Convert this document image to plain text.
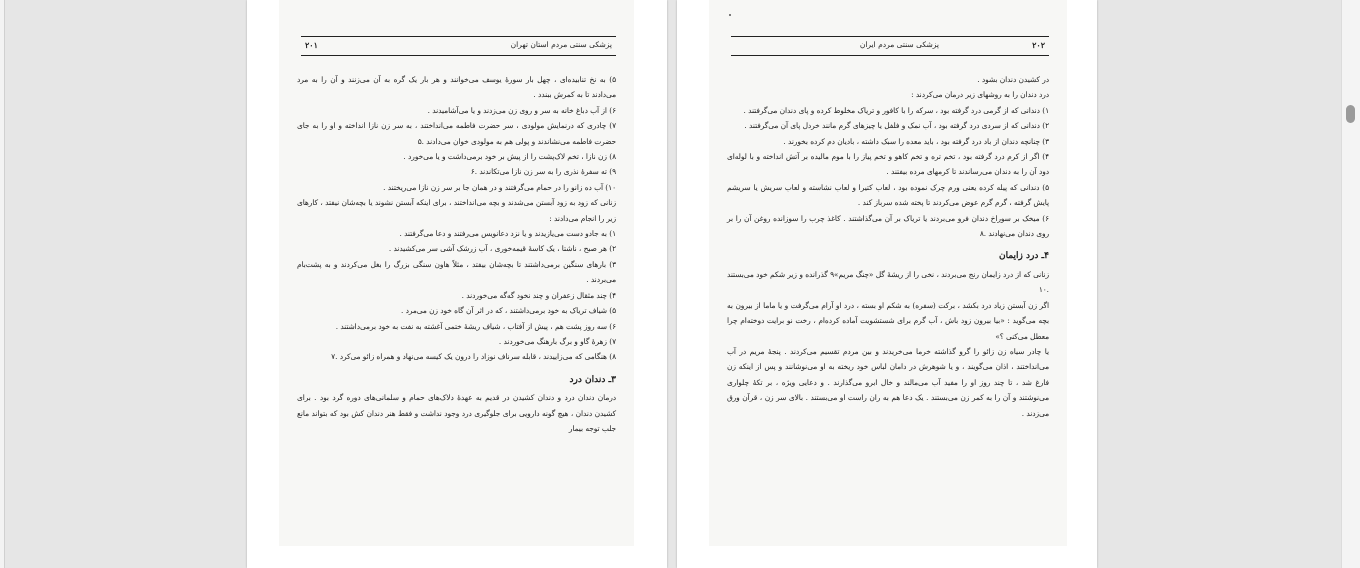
۲۰۱	پزشکی سنتی مردم استان تهران

۵) به نخ تنابیده‌ای ، چهل بار سورهٔ یوسف می‌خوانند و هر بار یک گره به آن می‌زنند و آن را به مرد می‌دادند تا به کمرش ببندد .

۶) از آب دباغ خانه به سر و روی زن می‌زدند و یا می‌آشامیدند .

۷) چادری که درنمایش مولودی ، سر حضرت فاطمه می‌انداختند ، به سر زن نازا انداخته و او را به جای حضرت فاطمه می‌نشاندند و پولی هم به مولودی خوان می‌دادند .۵

۸) زن نازا ، تخم لاک‌پشت را از پیش بر خود برمی‌داشت و یا می‌خورد .

۹) ته سفرهٔ نذری را به سر زن نازا می‌تکاندند .۶

۱۰) آب ده زانو را در حمام می‌گرفتند و در همان جا بر سر زن نازا می‌ریختند .

زنانی که زود به زود آبستن می‌شدند و بچه می‌انداختند ، برای اینکه آبستن نشوند یا بچه‌شان نیفتد ، کارهای زیر را انجام می‌دادند :

۱) به جادو دست می‌یازیدند و یا نزد دعانویس می‌رفتند و دعا می‌گرفتند .

۲) هر صبح ، ناشتا ، یک کاسهٔ قیمه‌خوری ، آب زرشک آشی سر می‌کشیدند .

۳) بارهای سنگین برمی‌داشتند تا بچه‌شان بیفتد ، مثلاً هاون سنگی بزرگ را بغل می‌کردند و به پشت‌بام می‌بردند .

۴) چند مثقال زعفران و چند نخود گه‌گه می‌خوردند .

۵) شیاف تریاک به خود برمی‌داشتند ، که در اثر آن گاه خود زن می‌مرد .

۶) سه روز پشت هم ، پیش از آفتاب ، شیاف ریشهٔ ختمی آغشته به نفت به خود برمی‌داشتند .

۷) زهرهٔ گاو و برگ بارهنگ می‌خوردند .

۸) هنگامی که می‌زاییدند ، قابله سرناف نوزاد را درون یک کیسه می‌نهاد و همراه زائو می‌کرد .۷

۳ـ دندان درد

درمان دندان درد و دندان کشیدن در قدیم به عهدهٔ دلاک‌های حمام و سلمانی‌های دوره گرد بود . برای کشیدن دندان ، هیچ گونه دارویی برای جلوگیری درد وجود نداشت و فقط هنر دندان کش بود که بتواند مانع جلب توجه بیمار

۲۰۲
پزشکی سنتی مردم ایران

در کشیدن دندان بشود .

درد دندان را به روشهای زیر درمان می‌کردند :

۱) دندانی که از گرمی درد گرفته بود ، سرکه را با کافور و تریاک مخلوط کرده و پای دندان می‌گرفتند .

۲) دندانی که از سردی درد گرفته بود ، آب نمک و فلفل یا چیزهای گرم مانند خردل پای آن می‌گرفتند .

۳) چنانچه دندان از باد درد گرفته بود ، باید معده را سبک داشته ، بادیان دم کرده بخورند .

۴) اگر از کرم درد گرفته بود ، تخم تره و تخم کاهو و تخم پیاز را با موم مالیده بر آتش انداخته و با لوله‌ای دود آن را به دندان می‌رساندند تا کرمهای مرده بیفتند .

۵) دندانی که پیله کرده یعنی ورم چرک نموده بود ، لعاب کتیرا و لعاب نشاسته و لعاب سریش یا سریشم پایش گرفته ، گرم گرم عوض می‌کردند تا پخته شده سرباز کند .

۶) میخک بر سوراخ دندان فرو می‌بردند یا تریاک بر آن می‌گذاشتند . کاغذ چرب را سوزانده روغن آن را بر روی دندان می‌نهادند .۸

۴ـ درد زایمان

زنانی که از درد زایمان رنج می‌بردند ، نخی را از ریشهٔ گل «چنگ مریم»۹ گذرانده و زیر شکم خود می‌بستند .۱۰

اگر زن آبستن زیاد درد بکشد ، برکت (سفره) به شکم او بسته ، درد او آرام می‌گرفت و یا ماما از بیرون به بچه می‌گوید : «بیا بیرون زود باش ، آب گرم برای شستشویت آماده کرده‌ام ، رخت نو برایت دوخته‌ام چرا معطل می‌کنی ؟»

یا چادر سیاه زن زائو را گرو گذاشته خرما می‌خریدند و بین مردم تقسیم می‌کردند . پنجهٔ مریم در آب می‌انداختند ، اذان می‌گویند ، و یا شوهرش در دامان لباس خود ریخته به او می‌نوشانند و پس از اینکه زن فارغ شد ، تا چند روز او را مفید آب می‌مالند و خال ابرو می‌گذارند . و دعایی ویژه ، بر تکهٔ چلواری می‌نوشتند و آن را به کمر زن می‌بستند . یک دعا هم به ران راست او می‌بستند . بالای سر زن ، قرآن ورق می‌زدند .
